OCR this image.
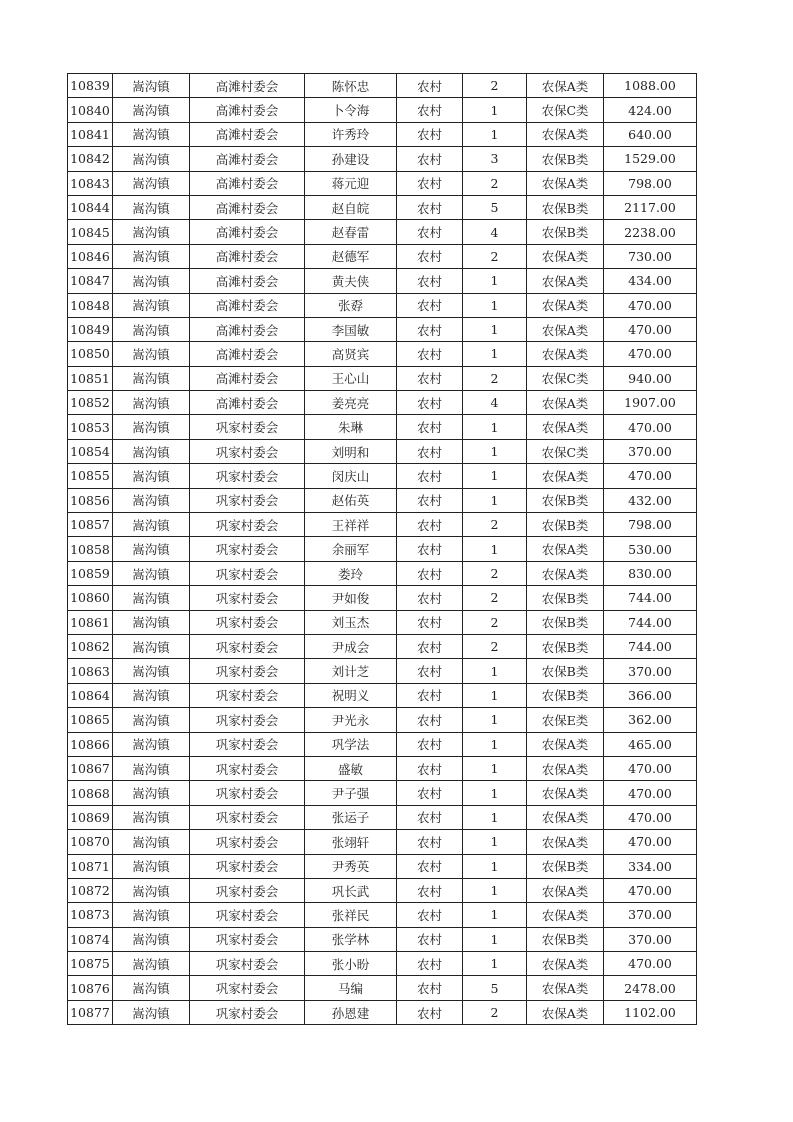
10839	嵩沟镇	高滩村委会	陈怀忠	农村	2	农保A类	1088.00
10840	嵩沟镇	高滩村委会	卜令海	农村	1	农保C类	424.00
10841	嵩沟镇	高滩村委会	许秀玲	农村	1	农保A类	640.00
10842	嵩沟镇	高滩村委会	孙建设	农村	3	农保B类	1529.00
10843	嵩沟镇	高滩村委会	蒋元迎	农村	2	农保A类	798.00
10844	嵩沟镇	高滩村委会	赵自皖	农村	5	农保B类	2117.00
10845	嵩沟镇	高滩村委会	赵春雷	农村	4	农保B类	2238.00
10846	嵩沟镇	高滩村委会	赵德军	农村	2	农保A类	730.00
10847	嵩沟镇	高滩村委会	黄夫侠	农村	1	农保A类	434.00
10848	嵩沟镇	高滩村委会	张孬	农村	1	农保A类	470.00
10849	嵩沟镇	高滩村委会	李国敏	农村	1	农保A类	470.00
10850	嵩沟镇	高滩村委会	高贤宾	农村	1	农保A类	470.00
10851	嵩沟镇	高滩村委会	王心山	农村	2	农保C类	940.00
10852	嵩沟镇	高滩村委会	姜亮亮	农村	4	农保A类	1907.00
10853	嵩沟镇	巩家村委会	朱琳	农村	1	农保A类	470.00
10854	嵩沟镇	巩家村委会	刘明和	农村	1	农保C类	370.00
10855	嵩沟镇	巩家村委会	闵庆山	农村	1	农保A类	470.00
10856	嵩沟镇	巩家村委会	赵佑英	农村	1	农保B类	432.00
10857	嵩沟镇	巩家村委会	王祥祥	农村	2	农保B类	798.00
10858	嵩沟镇	巩家村委会	余丽军	农村	1	农保A类	530.00
10859	嵩沟镇	巩家村委会	娄玲	农村	2	农保A类	830.00
10860	嵩沟镇	巩家村委会	尹如俊	农村	2	农保B类	744.00
10861	嵩沟镇	巩家村委会	刘玉杰	农村	2	农保B类	744.00
10862	嵩沟镇	巩家村委会	尹成会	农村	2	农保B类	744.00
10863	嵩沟镇	巩家村委会	刘计芝	农村	1	农保B类	370.00
10864	嵩沟镇	巩家村委会	祝明义	农村	1	农保B类	366.00
10865	嵩沟镇	巩家村委会	尹光永	农村	1	农保E类	362.00
10866	嵩沟镇	巩家村委会	巩学法	农村	1	农保A类	465.00
10867	嵩沟镇	巩家村委会	盛敏	农村	1	农保A类	470.00
10868	嵩沟镇	巩家村委会	尹子强	农村	1	农保A类	470.00
10869	嵩沟镇	巩家村委会	张运子	农村	1	农保A类	470.00
10870	嵩沟镇	巩家村委会	张翊轩	农村	1	农保A类	470.00
10871	嵩沟镇	巩家村委会	尹秀英	农村	1	农保B类	334.00
10872	嵩沟镇	巩家村委会	巩长武	农村	1	农保A类	470.00
10873	嵩沟镇	巩家村委会	张祥民	农村	1	农保A类	370.00
10874	嵩沟镇	巩家村委会	张学林	农村	1	农保B类	370.00
10875	嵩沟镇	巩家村委会	张小盼	农村	1	农保A类	470.00
10876	嵩沟镇	巩家村委会	马编	农村	5	农保A类	2478.00
10877	嵩沟镇	巩家村委会	孙恩建	农村	2	农保A类	1102.00
